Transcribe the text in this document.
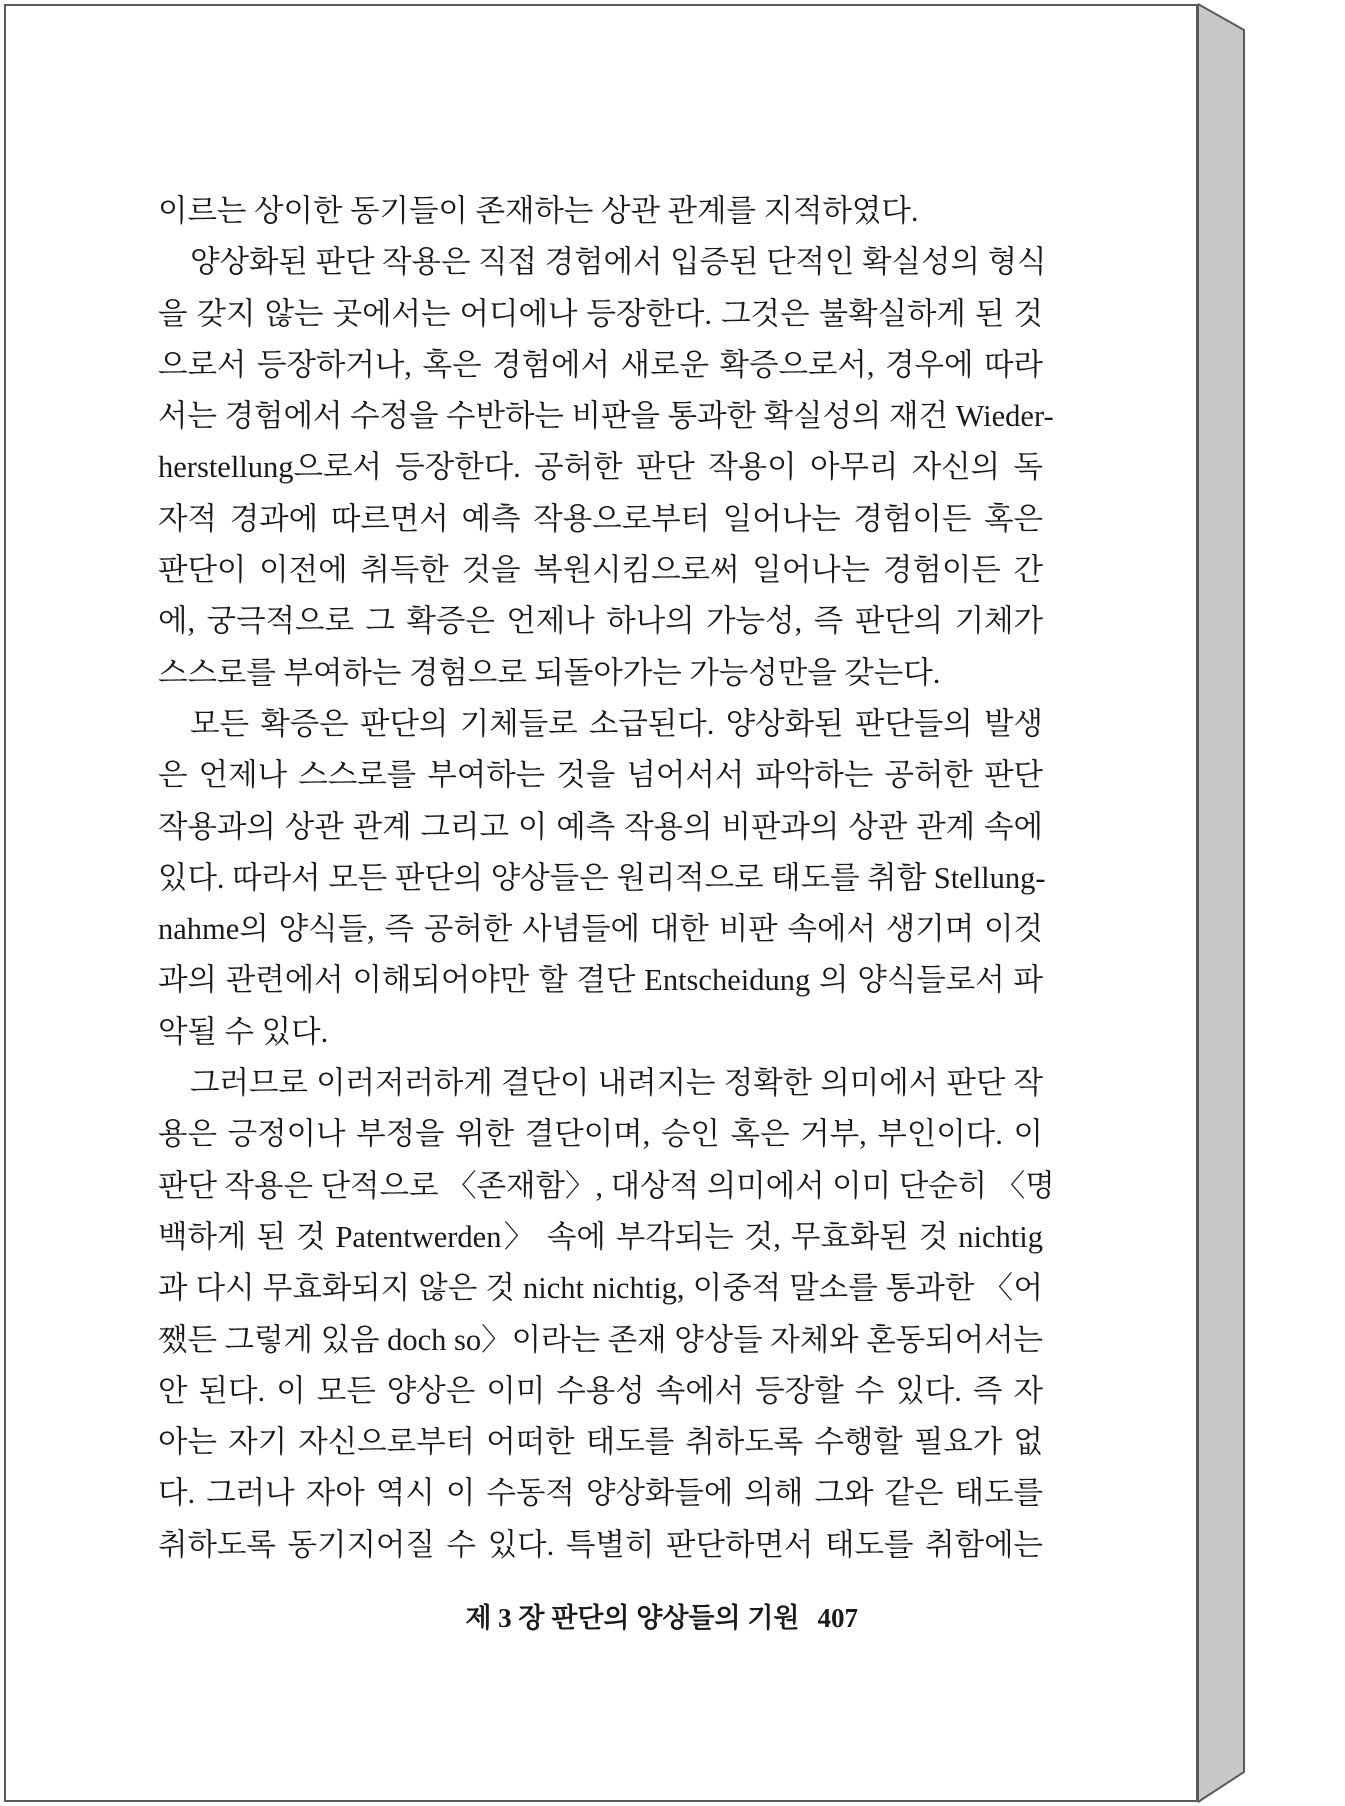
이르는 상이한 동기들이 존재하는 상관 관계를 지적하였다.
양상화된 판단 작용은 직접 경험에서 입증된 단적인 확실성의 형식
을 갖지 않는 곳에서는 어디에나 등장한다. 그것은 불확실하게 된 것
으로서 등장하거나, 혹은 경험에서 새로운 확증으로서, 경우에 따라
서는 경험에서 수정을 수반하는 비판을 통과한 확실성의 재건 Wieder-
herstellung으로서 등장한다. 공허한 판단 작용이 아무리 자신의 독
자적 경과에 따르면서 예측 작용으로부터 일어나는 경험이든 혹은
판단이 이전에 취득한 것을 복원시킴으로써 일어나는 경험이든 간
에, 궁극적으로 그 확증은 언제나 하나의 가능성, 즉 판단의 기체가
스스로를 부여하는 경험으로 되돌아가는 가능성만을 갖는다.
모든 확증은 판단의 기체들로 소급된다. 양상화된 판단들의 발생
은 언제나 스스로를 부여하는 것을 넘어서서 파악하는 공허한 판단
작용과의 상관 관계 그리고 이 예측 작용의 비판과의 상관 관계 속에
있다. 따라서 모든 판단의 양상들은 원리적으로 태도를 취함 Stellung-
nahme의 양식들, 즉 공허한 사념들에 대한 비판 속에서 생기며 이것
과의 관련에서 이해되어야만 할 결단 Entscheidung 의 양식들로서 파
악될 수 있다.
그러므로 이러저러하게 결단이 내려지는 정확한 의미에서 판단 작
용은 긍정이나 부정을 위한 결단이며, 승인 혹은 거부, 부인이다. 이
판단 작용은 단적으로 〈존재함〉, 대상적 의미에서 이미 단순히 〈명
백하게 된 것 Patentwerden〉 속에 부각되는 것, 무효화된 것 nichtig
과 다시 무효화되지 않은 것 nicht nichtig, 이중적 말소를 통과한 〈어
쨌든 그렇게 있음 doch so〉이라는 존재 양상들 자체와 혼동되어서는
안 된다. 이 모든 양상은 이미 수용성 속에서 등장할 수 있다. 즉 자
아는 자기 자신으로부터 어떠한 태도를 취하도록 수행할 필요가 없
다. 그러나 자아 역시 이 수동적 양상화들에 의해 그와 같은 태도를
취하도록 동기지어질 수 있다. 특별히 판단하면서 태도를 취함에는
제 3 장 판단의 양상들의 기원 407
